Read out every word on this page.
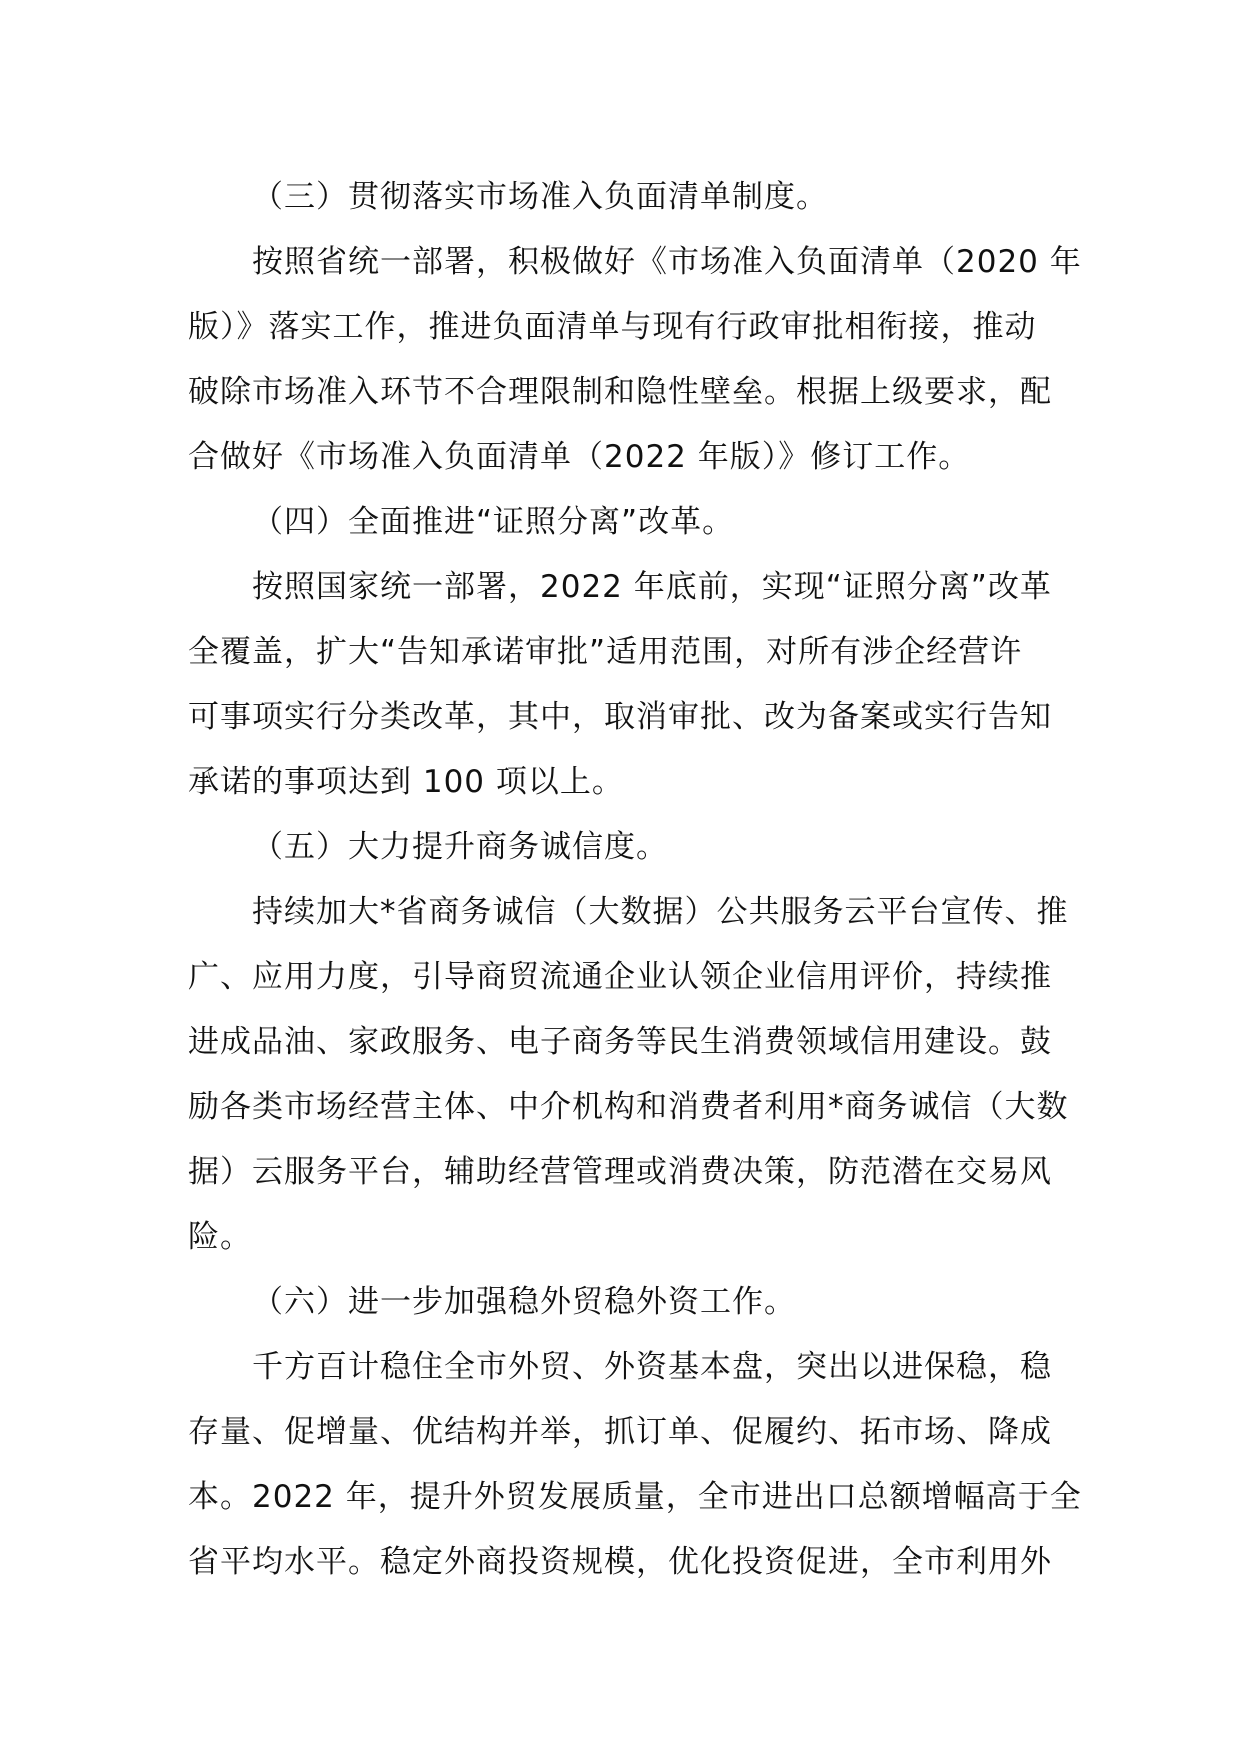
（三）贯彻落实市场准入负面清单制度。
按照省统一部署，积极做好《市场准入负面清单（2020 年
版）》落实工作，推进负面清单与现有行政审批相衔接，推动
破除市场准入环节不合理限制和隐性壁垒。根据上级要求，配
合做好《市场准入负面清单（2022 年版）》修订工作。
（四）全面推进“证照分离”改革。
按照国家统一部署，2022 年底前，实现“证照分离”改革
全覆盖，扩大“告知承诺审批”适用范围，对所有涉企经营许
可事项实行分类改革，其中，取消审批、改为备案或实行告知
承诺的事项达到 100 项以上。
（五）大力提升商务诚信度。
持续加大*省商务诚信（大数据）公共服务云平台宣传、推
广、应用力度，引导商贸流通企业认领企业信用评价，持续推
进成品油、家政服务、电子商务等民生消费领域信用建设。鼓
励各类市场经营主体、中介机构和消费者利用*商务诚信（大数
据）云服务平台，辅助经营管理或消费决策，防范潜在交易风
险。
（六）进一步加强稳外贸稳外资工作。
千方百计稳住全市外贸、外资基本盘，突出以进保稳，稳
存量、促增量、优结构并举，抓订单、促履约、拓市场、降成
本。2022 年，提升外贸发展质量，全市进出口总额增幅高于全
省平均水平。稳定外商投资规模，优化投资促进，全市利用外
